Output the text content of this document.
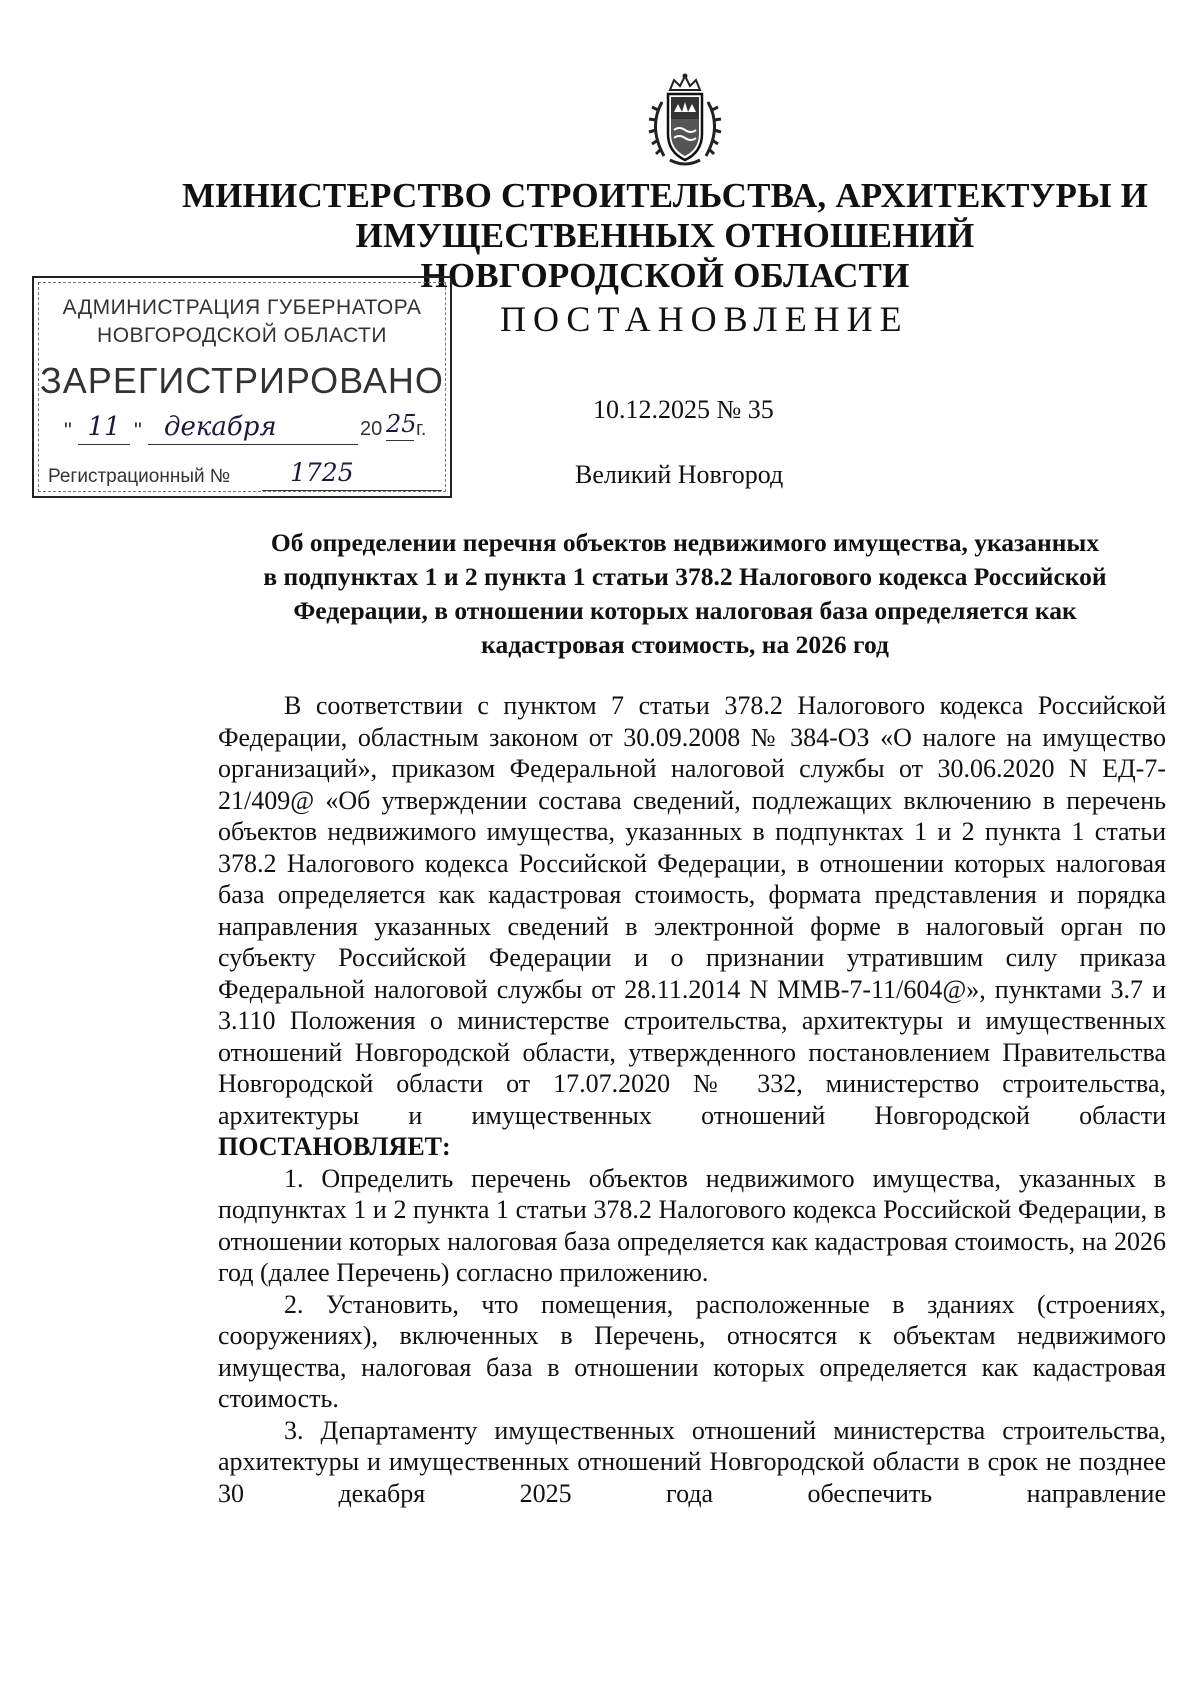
МИНИСТЕРСТВО СТРОИТЕЛЬСТВА, АРХИТЕКТУРЫ И
ИМУЩЕСТВЕННЫХ ОТНОШЕНИЙ
НОВГОРОДСКОЙ ОБЛАСТИ
АДМИНИСТРАЦИЯ ГУБЕРНАТОРА
НОВГОРОДСКОЙ ОБЛАСТИ
ЗАРЕГИСТРИРОВАНО
" 11 " декабря	20 25 г.
Регистрационный №	1725
ПОСТАНОВЛЕНИЕ
10.12.2025 № 35
Великий Новгород
Об определении перечня объектов недвижимого имущества, указанных
в подпунктах 1 и 2 пункта 1 статьи 378.2 Налогового кодекса Российской
Федерации, в отношении которых налоговая база определяется как
кадастровая стоимость, на 2026 год

В соответствии с пунктом 7 статьи 378.2 Налогового кодекса Российской Федерации, областным законом от 30.09.2008 № 384-ОЗ «О налоге на имущество организаций», приказом Федеральной налоговой службы от 30.06.2020 N ЕД-7-21/409@ «Об утверждении состава сведений, подлежащих включению в перечень объектов недвижимого имущества, указанных в подпунктах 1 и 2 пункта 1 статьи 378.2 Налогового кодекса Российской Федерации, в отношении которых налоговая база определяется как кадастровая стоимость, формата представления и порядка направления указанных сведений в электронной форме в налоговый орган по субъекту Российской Федерации и о признании утратившим силу приказа Федеральной налоговой службы от 28.11.2014 N ММВ-7-11/604@», пунктами 3.7 и 3.110 Положения о министерстве строительства, архитектуры и имущественных отношений Новгородской области, утвержденного постановлением Правительства Новгородской области от 17.07.2020 № 332, министерство строительства, архитектуры и имущественных отношений Новгородской области ПОСТАНОВЛЯЕТ:

1. Определить перечень объектов недвижимого имущества, указанных в подпунктах 1 и 2 пункта 1 статьи 378.2 Налогового кодекса Российской Федерации, в отношении которых налоговая база определяется как кадастровая стоимость, на 2026 год (далее Перечень) согласно приложению.

2. Установить, что помещения, расположенные в зданиях (строениях, сооружениях), включенных в Перечень, относятся к объектам недвижимого имущества, налоговая база в отношении которых определяется как кадастровая стоимость.

3. Департаменту имущественных отношений министерства строительства, архитектуры и имущественных отношений Новгородской области в срок не позднее 30 декабря 2025 года обеспечить направление
